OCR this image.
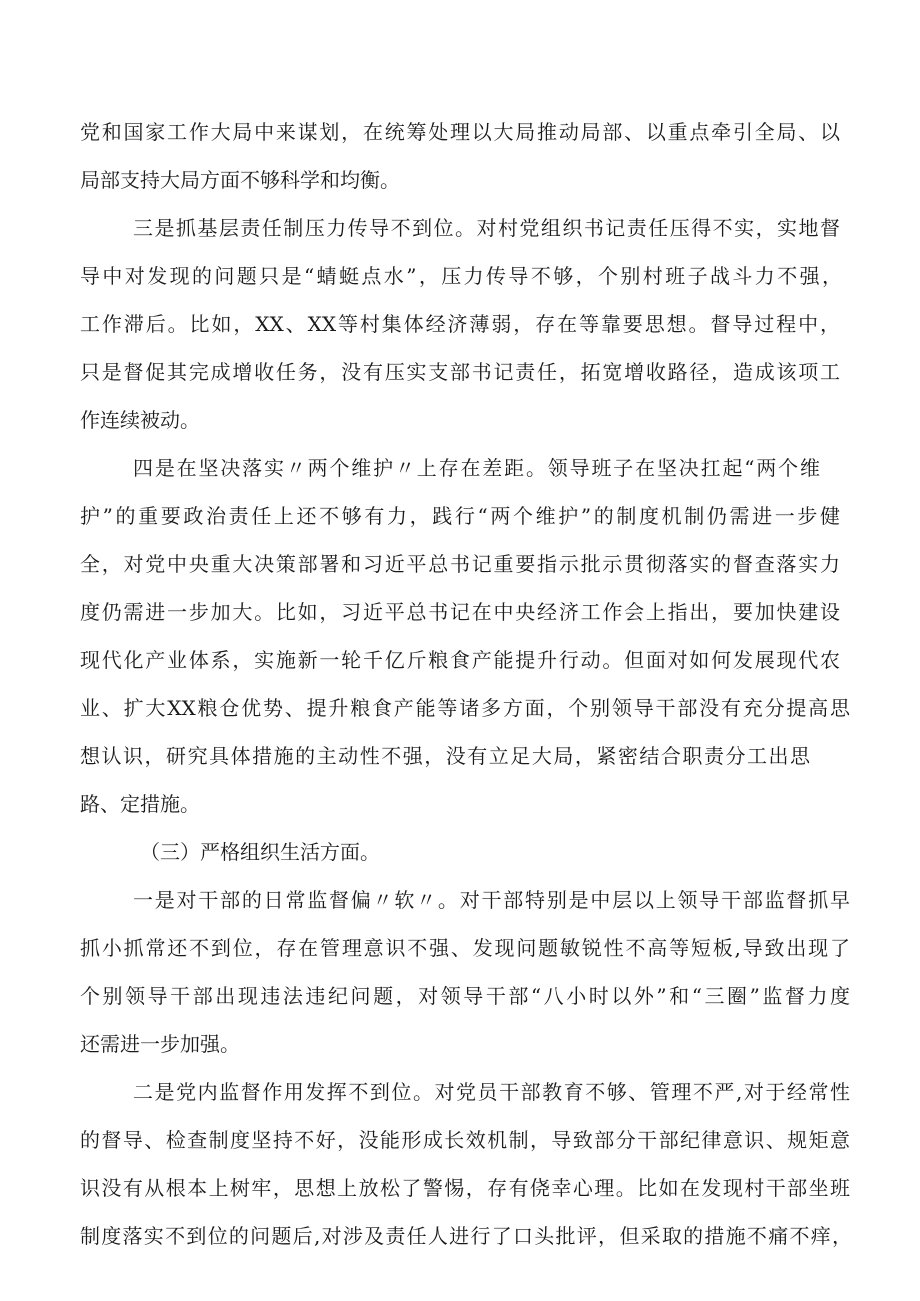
党和国家工作大局中来谋划，在统筹处理以大局推动局部、以重点牵引全局、以
局部支持大局方面不够科学和均衡。
三是抓基层责任制压力传导不到位。对村党组织书记责任压得不实，实地督
导中对发现的问题只是“蜻蜓点水”，压力传导不够，个别村班子战斗力不强，
工作滞后。比如，XX、XX等村集体经济薄弱，存在等靠要思想。督导过程中，
只是督促其完成增收任务，没有压实支部书记责任，拓宽增收路径，造成该项工
作连续被动。
四是在坚决落实〃两个维护〃上存在差距。领导班子在坚决扛起“两个维
护”的重要政治责任上还不够有力，践行“两个维护”的制度机制仍需进一步健
全，对党中央重大决策部署和习近平总书记重要指示批示贯彻落实的督查落实力
度仍需进一步加大。比如，习近平总书记在中央经济工作会上指出，要加快建设
现代化产业体系，实施新一轮千亿斤粮食产能提升行动。但面对如何发展现代农
业、扩大XX粮仓优势、提升粮食产能等诸多方面，个别领导干部没有充分提高思
想认识，研究具体措施的主动性不强，没有立足大局，紧密结合职责分工出思
路、定措施。
（三）严格组织生活方面。
一是对干部的日常监督偏〃软〃。对干部特别是中层以上领导干部监督抓早
抓小抓常还不到位，存在管理意识不强、发现问题敏锐性不高等短板,导致出现了
个别领导干部出现违法违纪问题，对领导干部“八小时以外”和“三圈”监督力度
还需进一步加强。
二是党内监督作用发挥不到位。对党员干部教育不够、管理不严,对于经常性
的督导、检查制度坚持不好，没能形成长效机制，导致部分干部纪律意识、规矩意
识没有从根本上树牢，思想上放松了警惕，存有侥幸心理。比如在发现村干部坐班
制度落实不到位的问题后,对涉及责任人进行了口头批评，但采取的措施不痛不痒，
